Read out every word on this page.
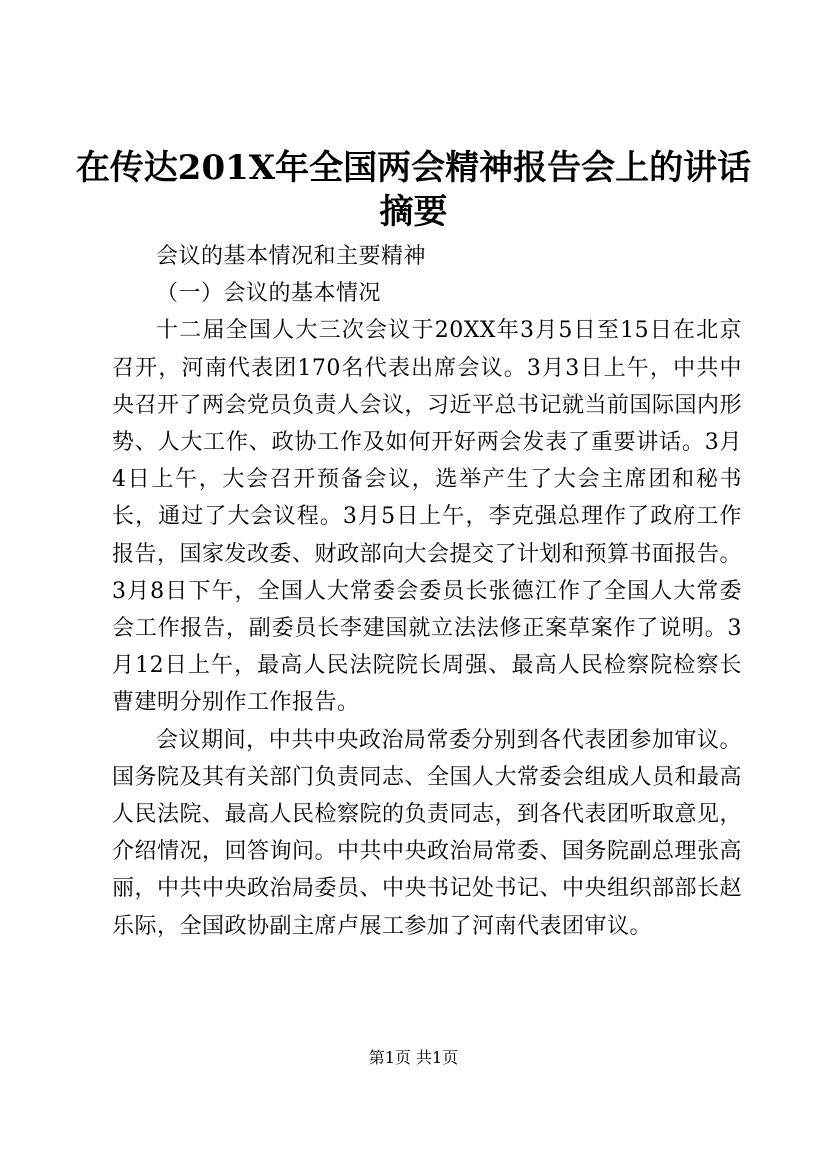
在传达201X年全国两会精神报告会上的讲话
摘要

会议的基本情况和主要精神

（一）会议的基本情况

十二届全国人大三次会议于20XX年3月5日至15日在北京召开，河南代表团170名代表出席会议。3月3日上午，中共中央召开了两会党员负责人会议，习近平总书记就当前国际国内形势、人大工作、政协工作及如何开好两会发表了重要讲话。3月4日上午，大会召开预备会议，选举产生了大会主席团和秘书长，通过了大会议程。3月5日上午，李克强总理作了政府工作报告，国家发改委、财政部向大会提交了计划和预算书面报告。3月8日下午，全国人大常委会委员长张德江作了全国人大常委会工作报告，副委员长李建国就立法法修正案草案作了说明。3月12日上午，最高人民法院院长周强、最高人民检察院检察长曹建明分别作工作报告。

会议期间，中共中央政治局常委分别到各代表团参加审议。国务院及其有关部门负责同志、全国人大常委会组成人员和最高人民法院、最高人民检察院的负责同志，到各代表团听取意见，介绍情况，回答询问。中共中央政治局常委、国务院副总理张高丽，中共中央政治局委员、中央书记处书记、中央组织部部长赵乐际，全国政协副主席卢展工参加了河南代表团审议。

第1页 共1页
